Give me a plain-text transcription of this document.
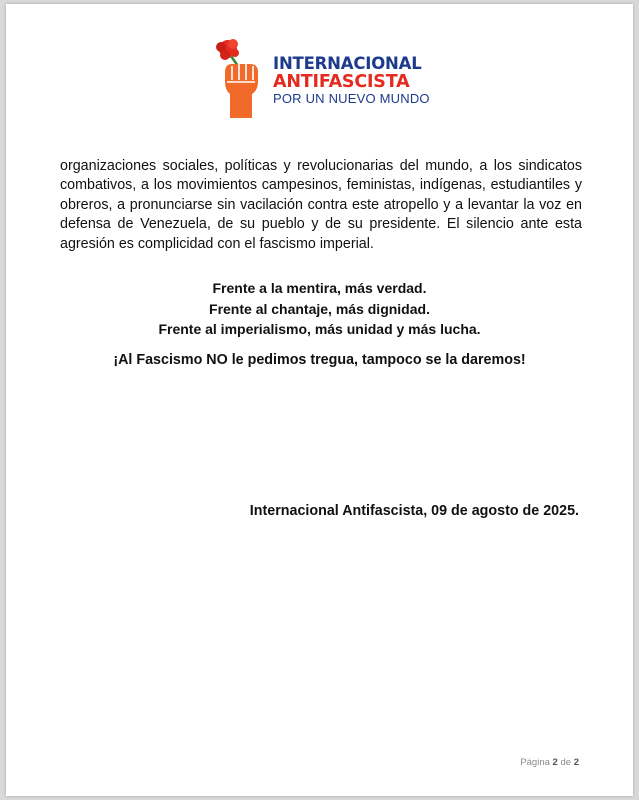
INTERNACIONAL
ANTIFASCISTA
POR UN NUEVO MUNDO

organizaciones sociales, políticas y revolucionarias del mundo, a los sindicatos combativos, a los movimientos campesinos, feministas, indígenas, estudiantiles y obreros, a pronunciarse sin vacilación contra este atropello y a levantar la voz en defensa de Venezuela, de su pueblo y de su presidente. El silencio ante esta agresión es complicidad con el fascismo imperial.

Frente a la mentira, más verdad.
Frente al chantaje, más dignidad.
Frente al imperialismo, más unidad y más lucha.
¡Al Fascismo NO le pedimos tregua, tampoco se la daremos!
Internacional Antifascista, 09 de agosto de 2025.
Página 2 de 2
